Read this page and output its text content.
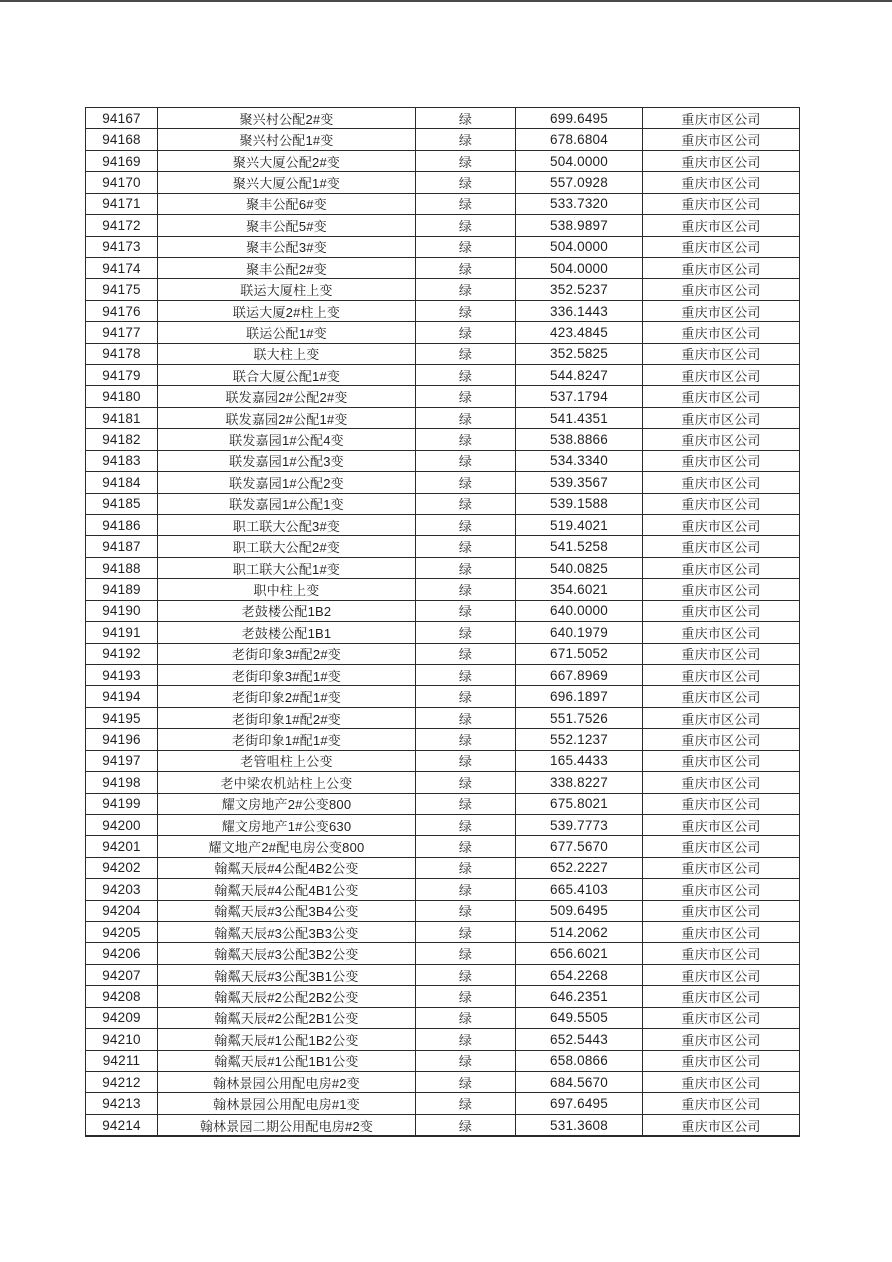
94167	聚兴村公配2#变	绿	699.6495	重庆市区公司
94168	聚兴村公配1#变	绿	678.6804	重庆市区公司
94169	聚兴大厦公配2#变	绿	504.0000	重庆市区公司
94170	聚兴大厦公配1#变	绿	557.0928	重庆市区公司
94171	聚丰公配6#变	绿	533.7320	重庆市区公司
94172	聚丰公配5#变	绿	538.9897	重庆市区公司
94173	聚丰公配3#变	绿	504.0000	重庆市区公司
94174	聚丰公配2#变	绿	504.0000	重庆市区公司
94175	联运大厦柱上变	绿	352.5237	重庆市区公司
94176	联运大厦2#柱上变	绿	336.1443	重庆市区公司
94177	联运公配1#变	绿	423.4845	重庆市区公司
94178	联大柱上变	绿	352.5825	重庆市区公司
94179	联合大厦公配1#变	绿	544.8247	重庆市区公司
94180	联发嘉园2#公配2#变	绿	537.1794	重庆市区公司
94181	联发嘉园2#公配1#变	绿	541.4351	重庆市区公司
94182	联发嘉园1#公配4变	绿	538.8866	重庆市区公司
94183	联发嘉园1#公配3变	绿	534.3340	重庆市区公司
94184	联发嘉园1#公配2变	绿	539.3567	重庆市区公司
94185	联发嘉园1#公配1变	绿	539.1588	重庆市区公司
94186	职工联大公配3#变	绿	519.4021	重庆市区公司
94187	职工联大公配2#变	绿	541.5258	重庆市区公司
94188	职工联大公配1#变	绿	540.0825	重庆市区公司
94189	职中柱上变	绿	354.6021	重庆市区公司
94190	老鼓楼公配1B2	绿	640.0000	重庆市区公司
94191	老鼓楼公配1B1	绿	640.1979	重庆市区公司
94192	老街印象3#配2#变	绿	671.5052	重庆市区公司
94193	老街印象3#配1#变	绿	667.8969	重庆市区公司
94194	老街印象2#配1#变	绿	696.1897	重庆市区公司
94195	老街印象1#配2#变	绿	551.7526	重庆市区公司
94196	老街印象1#配1#变	绿	552.1237	重庆市区公司
94197	老管咀柱上公变	绿	165.4433	重庆市区公司
94198	老中梁农机站柱上公变	绿	338.8227	重庆市区公司
94199	耀文房地产2#公变800	绿	675.8021	重庆市区公司
94200	耀文房地产1#公变630	绿	539.7773	重庆市区公司
94201	耀文地产2#配电房公变800	绿	677.5670	重庆市区公司
94202	翰粼天辰#4公配4B2公变	绿	652.2227	重庆市区公司
94203	翰粼天辰#4公配4B1公变	绿	665.4103	重庆市区公司
94204	翰粼天辰#3公配3B4公变	绿	509.6495	重庆市区公司
94205	翰粼天辰#3公配3B3公变	绿	514.2062	重庆市区公司
94206	翰粼天辰#3公配3B2公变	绿	656.6021	重庆市区公司
94207	翰粼天辰#3公配3B1公变	绿	654.2268	重庆市区公司
94208	翰粼天辰#2公配2B2公变	绿	646.2351	重庆市区公司
94209	翰粼天辰#2公配2B1公变	绿	649.5505	重庆市区公司
94210	翰粼天辰#1公配1B2公变	绿	652.5443	重庆市区公司
94211	翰粼天辰#1公配1B1公变	绿	658.0866	重庆市区公司
94212	翰林景园公用配电房#2变	绿	684.5670	重庆市区公司
94213	翰林景园公用配电房#1变	绿	697.6495	重庆市区公司
94214	翰林景园二期公用配电房#2变	绿	531.3608	重庆市区公司
